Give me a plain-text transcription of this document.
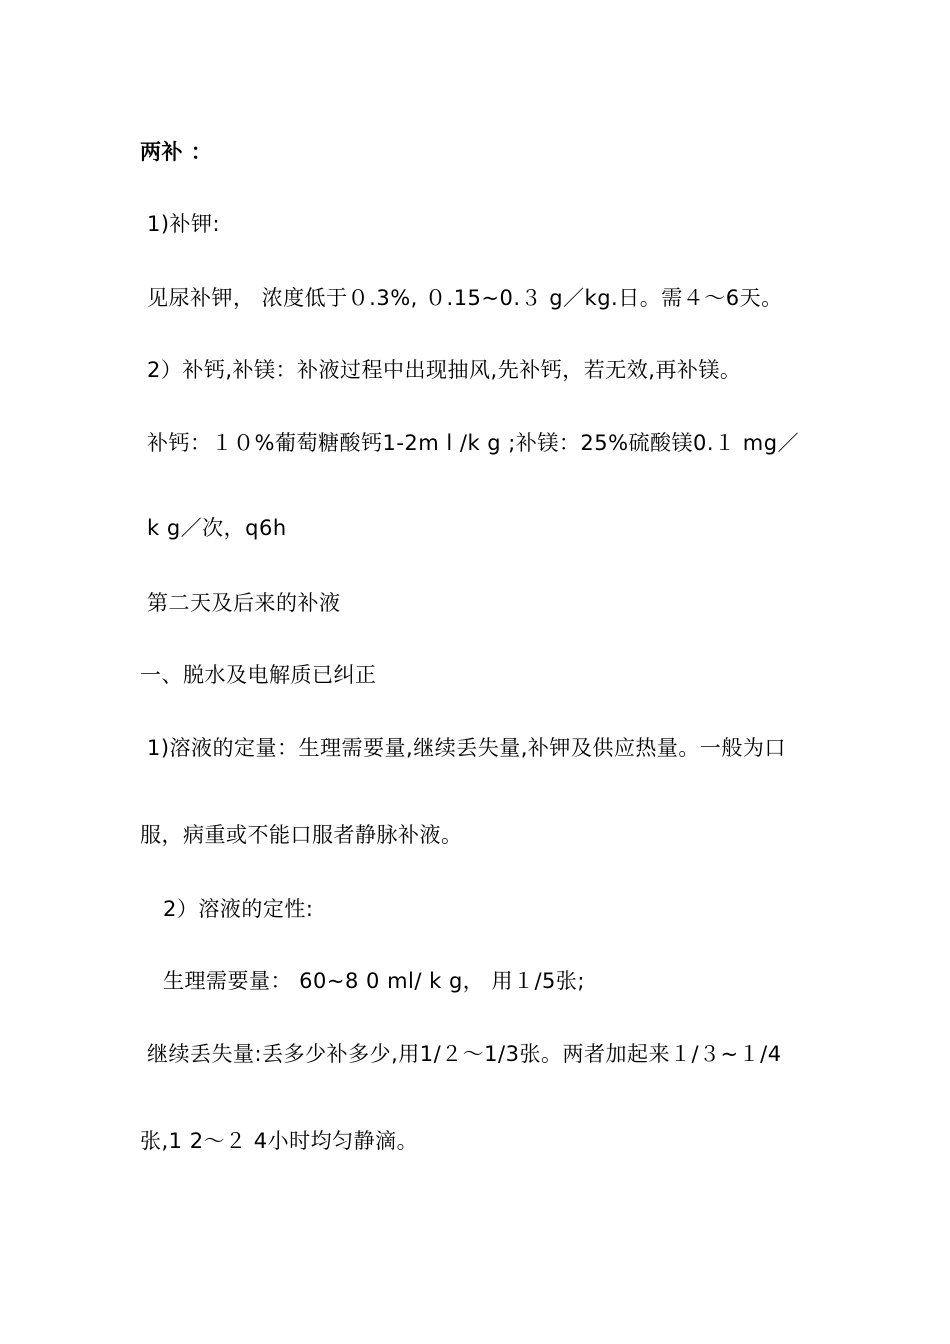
两补 ：
1)补钾:
见尿补钾， 浓度低于０.3%, ０.15~0.３ g／kg.日。需４～6天。
2）补钙,补镁：补液过程中出现抽风,先补钙，若无效,再补镁。
补钙：１０%葡萄糖酸钙1-2m l /k g ;补镁：25%硫酸镁0.１ mg／
k g／次，q6h
第二天及后来的补液
一、脱水及电解质已纠正
1)溶液的定量：生理需要量,继续丢失量,补钾及供应热量。一般为口
服，病重或不能口服者静脉补液。
2）溶液的定性:
生理需要量： 60~8 0 ml/ k g， 用１/5张;
继续丢失量:丢多少补多少,用1/２～1/3张。两者加起来１/３~１/4
张,1 2～２ 4小时均匀静滴。
